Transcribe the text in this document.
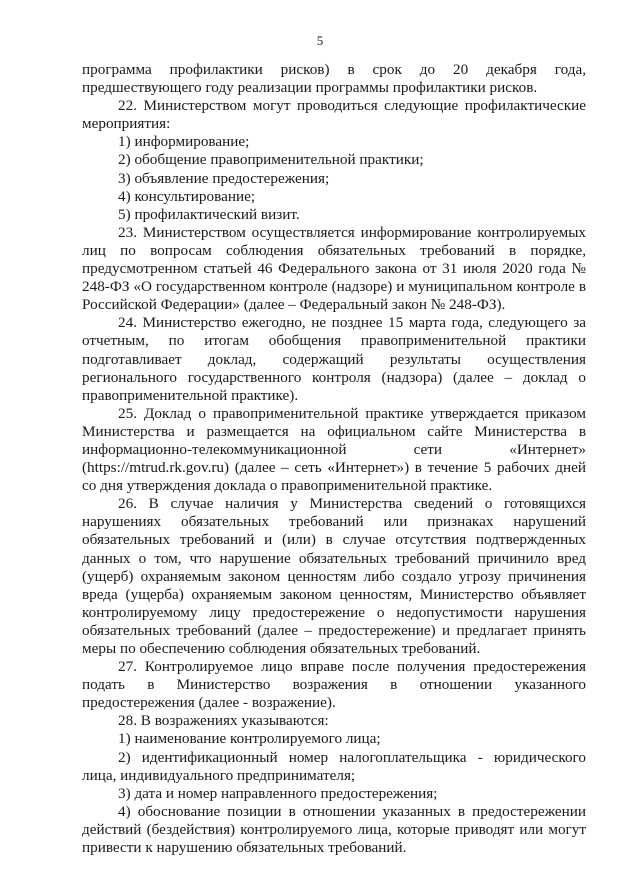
5

программа профилактики рисков) в срок до 20 декабря года, предшествующего году реализации программы профилактики рисков.

22. Министерством могут проводиться следующие профилактические мероприятия:

1) информирование;

2) обобщение правоприменительной практики;

3) объявление предостережения;

4) консультирование;

5) профилактический визит.

23. Министерством осуществляется информирование контролируемых лиц по вопросам соблюдения обязательных требований в порядке, предусмотренном статьей 46 Федерального закона от 31 июля 2020 года № 248-ФЗ «О государственном контроле (надзоре) и муниципальном контроле в Российской Федерации» (далее – Федеральный закон № 248-ФЗ).

24. Министерство ежегодно, не позднее 15 марта года, следующего за отчетным, по итогам обобщения правоприменительной практики подготавливает доклад, содержащий результаты осуществления регионального государственного контроля (надзора) (далее – доклад о правоприменительной практике).

25. Доклад о правоприменительной практике утверждается приказом Министерства и размещается на официальном сайте Министерства в информационно-телекоммуникационной сети «Интернет» (https://mtrud.rk.gov.ru) (далее – сеть «Интернет») в течение 5 рабочих дней со дня утверждения доклада о правоприменительной практике.

26. В случае наличия у Министерства сведений о готовящихся нарушениях обязательных требований или признаках нарушений обязательных требований и (или) в случае отсутствия подтвержденных данных о том, что нарушение обязательных требований причинило вред (ущерб) охраняемым законом ценностям либо создало угрозу причинения вреда (ущерба) охраняемым законом ценностям, Министерство объявляет контролируемому лицу предостережение о недопустимости нарушения обязательных требований (далее – предостережение) и предлагает принять меры по обеспечению соблюдения обязательных требований.

27. Контролируемое лицо вправе после получения предостережения подать в Министерство возражения в отношении указанного предостережения (далее - возражение).

28. В возражениях указываются:

1) наименование контролируемого лица;

2) идентификационный номер налогоплательщика - юридического лица, индивидуального предпринимателя;

3) дата и номер направленного предостережения;

4) обоснование позиции в отношении указанных в предостережении действий (бездействия) контролируемого лица, которые приводят или могут привести к нарушению обязательных требований.
